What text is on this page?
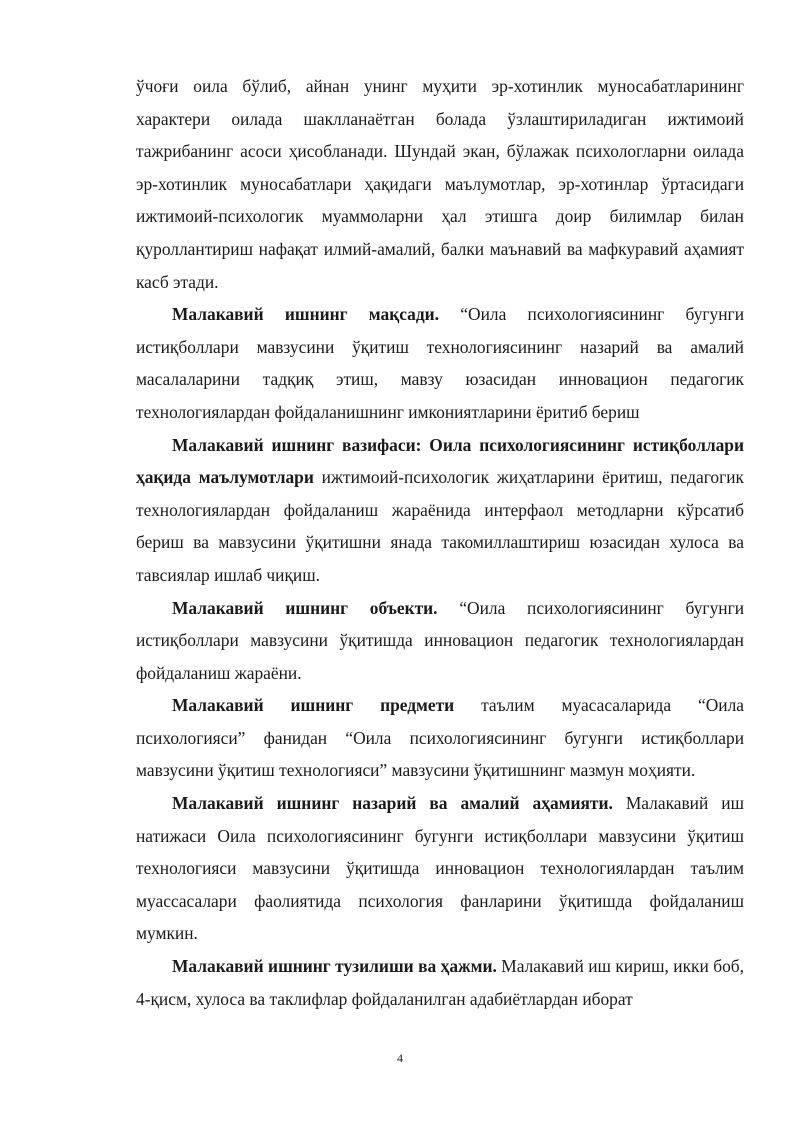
ўчоғи оила бўлиб, айнан унинг муҳити эр-хотинлик муносабатларининг характери оилада шаклланаётган болада ўзлаштириладиган ижтимоий тажрибанинг асоси ҳисобланади. Шундай экан, бўлажак психологларни оилада эр-хотинлик муносабатлари ҳақидаги маълумотлар, эр-хотинлар ўртасидаги ижтимоий-психологик муаммоларни ҳал этишга доир билимлар билан қуроллантириш нафақат илмий-амалий, балки маънавий ва мафкуравий аҳамият касб этади.

Малакавий ишнинг мақсади. “Оила психологиясининг бугунги истиқболлари мавзусини ўқитиш технологиясининг назарий ва амалий масалаларини тадқиқ этиш, мавзу юзасидан инновацион педагогик технологиялардан фойдаланишнинг имкониятларини ёритиб бериш

Малакавий ишнинг вазифаси: Оила психологиясининг истиқболлари ҳақида маълумотлари ижтимоий-психологик жиҳатларини ёритиш, педагогик технологиялардан фойдаланиш жараёнида интерфаол методларни кўрсатиб бериш ва мавзусини ўқитишни янада такомиллаштириш юзасидан хулоса ва тавсиялар ишлаб чиқиш.

Малакавий ишнинг объекти. “Оила психологиясининг бугунги истиқболлари мавзусини ўқитишда инновацион педагогик технологиялардан фойдаланиш жараёни.

Малакавий ишнинг предмети таълим муасасаларида “Оила психологияси” фанидан “Оила психологиясининг бугунги истиқболлари мавзусини ўқитиш технологияси” мавзусини ўқитишнинг мазмун моҳияти.

Малакавий ишнинг назарий ва амалий аҳамияти. Малакавий иш натижаси Оила психологиясининг бугунги истиқболлари мавзусини ўқитиш технологияси мавзусини ўқитишда инновацион технологиялардан таълим муассасалари фаолиятида психология фанларини ўқитишда фойдаланиш мумкин.

Малакавий ишнинг тузилиши ва ҳажми. Малакавий иш кириш, икки боб, 4-қисм, хулоса ва таклифлар фойдаланилган адабиётлардан иборат

4
